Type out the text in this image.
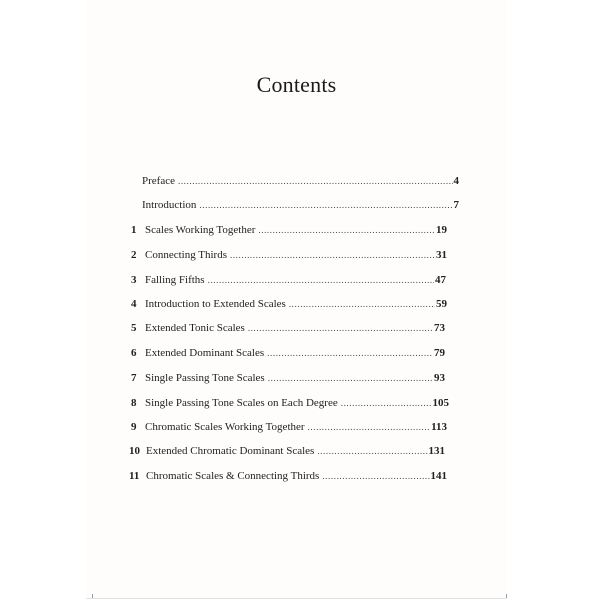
Contents
Preface .....	4
Introduction .....	7
1 Scales Working Together .....	19
2 Connecting Thirds .....	31
3 Falling Fifths .....	47
4 Introduction to Extended Scales .....	59
5 Extended Tonic Scales .....	73
6 Extended Dominant Scales .....	79
7 Single Passing Tone Scales .....	93
8 Single Passing Tone Scales on Each Degree .....	105
9 Chromatic Scales Working Together .....	113
10 Extended Chromatic Dominant Scales .....	131
11 Chromatic Scales & Connecting Thirds .....	141
